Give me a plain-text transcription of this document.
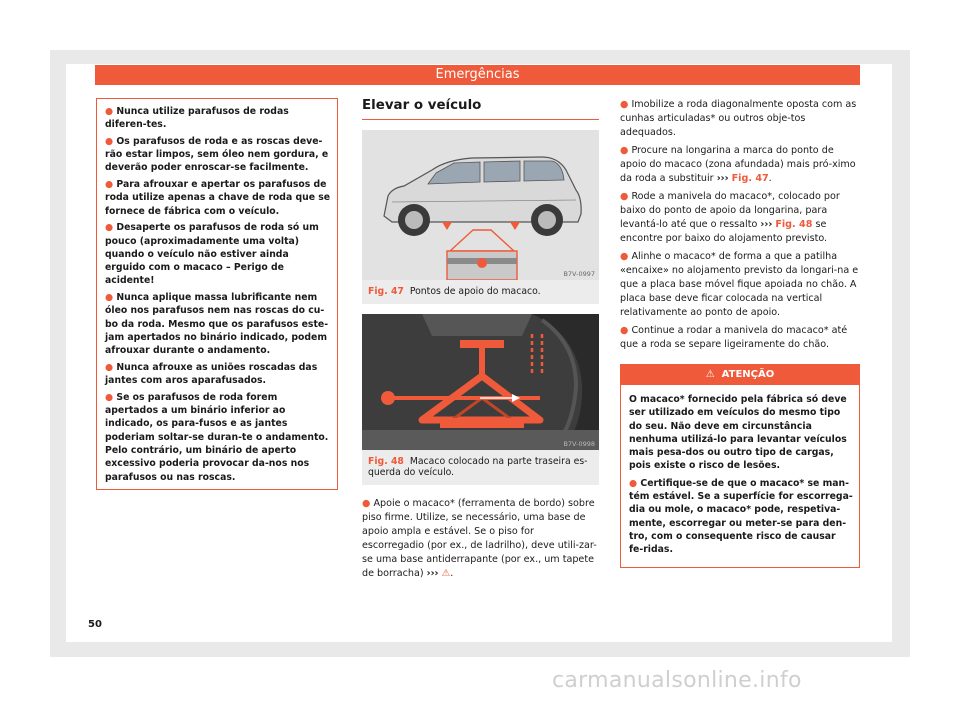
Emergências

● Nunca utilize parafusos de rodas diferen-tes.

● Os parafusos de roda e as roscas deve-rão estar limpos, sem óleo nem gordura, e deverão poder enroscar-se facilmente.

● Para afrouxar e apertar os parafusos de roda utilize apenas a chave de roda que se fornece de fábrica com o veículo.

● Desaperte os parafusos de roda só um pouco (aproximadamente uma volta) quando o veículo não estiver ainda erguido com o macaco – Perigo de acidente!

● Nunca aplique massa lubrificante nem óleo nos parafusos nem nas roscas do cu-bo da roda. Mesmo que os parafusos este-jam apertados no binário indicado, podem afrouxar durante o andamento.

● Nunca afrouxe as uniões roscadas das jantes com aros aparafusados.

● Se os parafusos de roda forem apertados a um binário inferior ao indicado, os para-fusos e as jantes poderiam soltar-se duran-te o andamento. Pelo contrário, um binário de aperto excessivo poderia provocar da-nos nos parafusos ou nas roscas.

Elevar o veículo
B7V-0997
Fig. 47 Pontos de apoio do macaco.
B7V-0998
Fig. 48 Macaco colocado na parte traseira es-querda do veículo.
● Apoie o macaco* (ferramenta de bordo) sobre piso firme. Utilize, se necessário, uma base de apoio ampla e estável. Se o piso for escorregadio (por ex., de ladrilho), deve utili-zar-se uma base antiderrapante (por ex., um tapete de borracha) ››› ⚠.

● Imobilize a roda diagonalmente oposta com as cunhas articuladas* ou outros obje-tos adequados.

● Procure na longarina a marca do ponto de apoio do macaco (zona afundada) mais pró-ximo da roda a substituir ››› Fig. 47.

● Rode a manivela do macaco*, colocado por baixo do ponto de apoio da longarina, para levantá-lo até que o ressalto ››› Fig. 48 se encontre por baixo do alojamento previsto.

● Alinhe o macaco* de forma a que a patilha «encaixe» no alojamento previsto da longari-na e que a placa base móvel fique apoiada no chão. A placa base deve ficar colocada na vertical relativamente ao ponto de apoio.

● Continue a rodar a manivela do macaco* até que a roda se separe ligeiramente do chão.

⚠ ATENÇÃO

O macaco* fornecido pela fábrica só deve ser utilizado em veículos do mesmo tipo do seu. Não deve em circunstância nenhuma utilizá-lo para levantar veículos mais pesa-dos ou outro tipo de cargas, pois existe o risco de lesões.

● Certifique-se de que o macaco* se man-tém estável. Se a superfície for escorrega-dia ou mole, o macaco* pode, respetiva-mente, escorregar ou meter-se para den-tro, com o consequente risco de causar fe-ridas.

50
carmanualsonline.info
